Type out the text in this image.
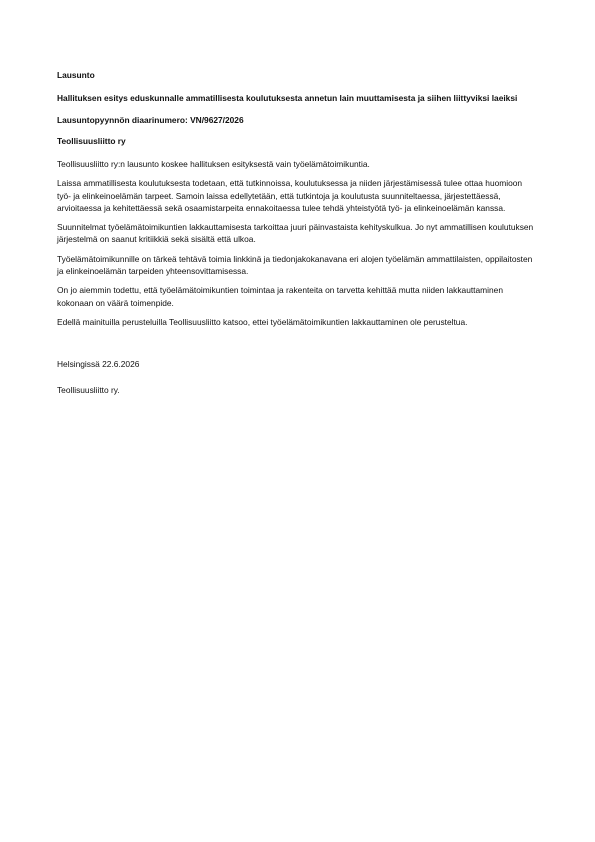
Lausunto

Hallituksen esitys eduskunnalle ammatillisesta koulutuksesta annetun lain muuttamisesta ja siihen liittyviksi laeiksi

Lausuntopyynnön diaarinumero: VN/9627/2026

Teollisuusliitto ry

Teollisuusliitto ry:n lausunto koskee hallituksen esityksestä vain työelämätoimikuntia.

Laissa ammatillisesta koulutuksesta todetaan, että tutkinnoissa, koulutuksessa ja niiden järjestämisessä tulee ottaa huomioon työ- ja elinkeinoelämän tarpeet. Samoin laissa edellytetään, että tutkintoja ja koulutusta suunniteltaessa, järjestettäessä, arvioitaessa ja kehitettäessä sekä osaamistarpeita ennakoitaessa tulee tehdä yhteistyötä työ- ja elinkeinoelämän kanssa.

Suunnitelmat työelämätoimikuntien lakkauttamisesta tarkoittaa juuri päinvastaista kehityskulkua. Jo nyt ammatillisen koulutuksen järjestelmä on saanut kritiikkiä sekä sisältä että ulkoa.

Työelämätoimikunnille on tärkeä tehtävä toimia linkkinä ja tiedonjakokanavana eri alojen työelämän ammattilaisten, oppilaitosten ja elinkeinoelämän tarpeiden yhteensovittamisessa.

On jo aiemmin todettu, että työelämätoimikuntien toimintaa ja rakenteita on tarvetta kehittää mutta niiden lakkauttaminen kokonaan on väärä toimenpide.

Edellä mainituilla perusteluilla Teollisuusliitto katsoo, ettei työelämätoimikuntien lakkauttaminen ole perusteltua.

Helsingissä 22.6.2026

Teollisuusliitto ry.
